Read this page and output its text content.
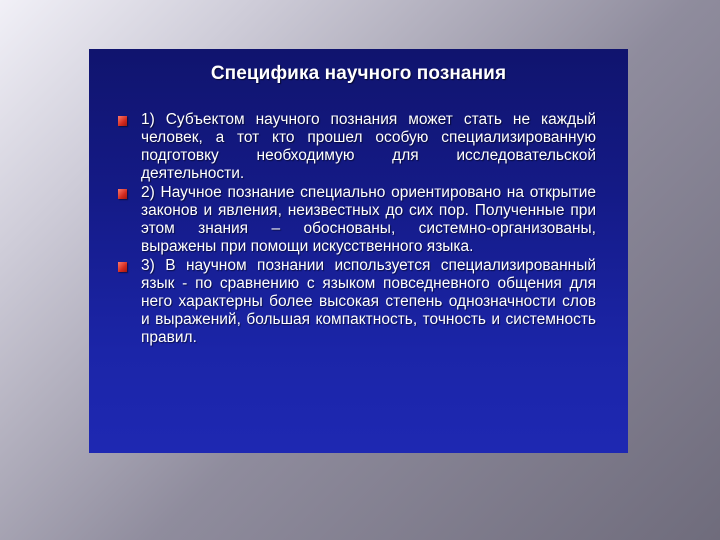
Специфика научного познания
1) Субъектом научного познания может стать не каждый человек, а тот кто прошел особую специализированную подготовку необходимую для исследовательской деятельности.
2) Научное познание специально ориентировано на открытие законов и явления, неизвестных до сих пор. Полученные при этом знания – обоснованы, системно-организованы, выражены при помощи искусственного языка.
3) В научном познании используется специализированный язык - по сравнению с языком повседневного общения для него характерны более высокая степень однозначности слов и выражений, большая компактность, точность и системность правил.
